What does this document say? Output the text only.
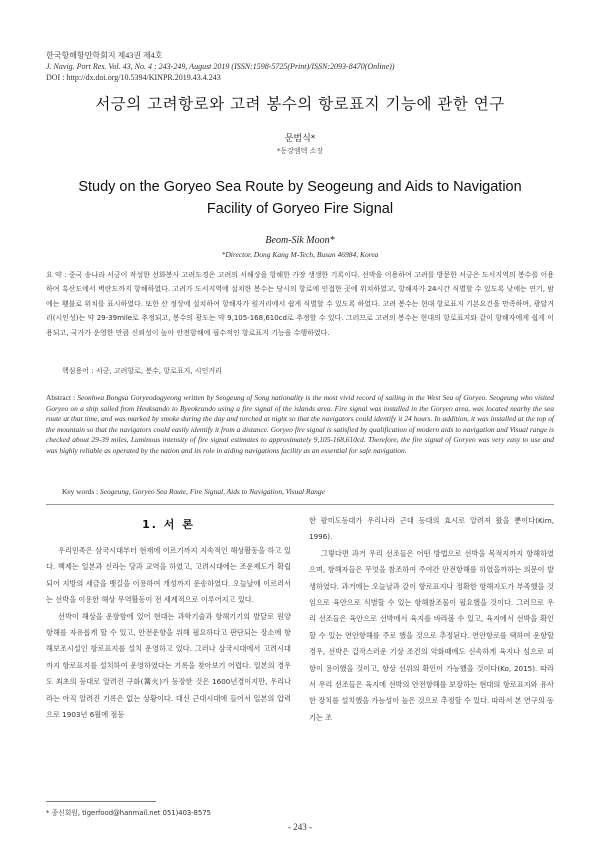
한국항해항만학회지 제43권 제4호
J. Navig. Port Res. Vol. 43, No. 4 : 243-249, August 2019 (ISSN:1598-5725(Print)/ISSN:2093-8470(Online))
DOI : http://dx.doi.org/10.5394/KINPR.2019.43.4.243
서긍의 고려항로와 고려 봉수의 항로표지 기능에 관한 연구
문범식*
*동강엠텍 소장
Study on the Goryeo Sea Route by Seogeung and Aids to Navigation Facility of Goryeo Fire Signal
Beom-Sik Moon*
*Director, Dong Kang M-Tech, Busan 46984, Korea
요 약 : 중국 송나라 서긍이 작성한 선화봉사 고려도경은 고려의 서해상을 항해한 가장 생생한 기록이다. 선박을 이용하여 고려를 방문한 서긍은 도서지역의 봉수를 이용하여 흑산도에서 벽란도까지 항해하였다. 고려가 도서지역에 설치한 봉수는 당시의 항로에 인접한 곳에 위치하였고, 항해자가 24시간 식별할 수 있도록 낮에는 연기, 밤에는 횃불로 위치를 표시하였다. 또한 산 정상에 설치하여 항해자가 원거리에서 쉽게 식별할 수 있도록 하였다. 고려 봉수는 현대 항로표지 기본요건을 만족하며, 광달거리(시인성)는 약 29-39mile로 추정되고, 봉수의 광도는 약 9,105-168,610cd로 추정할 수 있다. 그러므로 고려의 봉수는 현대의 항로표지와 같이 항해자에게 쉽게 이용되고, 국가가 운영한 만큼 신뢰성이 높아 안전항해에 필수적인 항로표지 기능을 수행하였다.
핵심용어 : 서긍, 고려항로, 봉수, 항로표지, 시인거리
Abstract : Seonhwa Bongsa Goryeodogyeong written by Seogeung of Song nationality is the most vivid record of sailing in the West Sea of Goryeo. Seogeung who visited Goryeo on a ship sailed from Heuksando to Byeokrando using a fire signal of the islands area. Fire signal was installed in the Goryeo area, was located nearby the sea route at that time, and was marked by smoke during the day and torched at night so that the navigators could identify it 24 hours. In addition, it was installed at the top of the mountain so that the navigators could easily identify it from a distance. Goryeo fire signal is satisfied by qualification of modern aids to navigation and Visual range is checked about 29-39 miles, Luminous intensity of fire signal estimates to approximately 9,105-168,610cd. Therefore, the fire signal of Goryeo was very easy to use and was highly reliable as operated by the nation and its role in aiding navigations facility as an essential for safe navigation.
Key words : Seogeung, Goryeo Sea Route, Fire Signal, Aids to Navigation, Visual Range
1. 서 론

우리민족은 삼국시대부터 현재에 이르기까지 지속적인 해상활동을 하고 있다. 백제는 일본과 신라는 당과 교역을 하였고, 고려시대에는 조운제도가 확립되어 지방의 세금을 뱃길을 이용하여 개성까지 운송하였다. 오늘날에 이르러서는 선박을 이용한 해상 무역활동이 전 세계적으로 이루어지고 있다.

선박이 해상을 운항함에 있어 현대는 과학기술과 항해기기의 발달로 원양항해를 자유롭게 할 수 있고, 안전운항을 위해 필요하다고 판단되는 장소에 항해보조시설인 항로표지를 설치 운영하고 있다. 그러나 삼국시대에서 고려시대까지 항로표지를 설치하여 운영하였다는 기록을 찾아보기 어렵다. 일본의 경우도 최초의 등대로 알려진 구화(篝火)가 등장한 것은 1600년경이지만, 우리나라는 아직 알려진 기록은 없는 상황이다. 대신 근대시대에 들어서 일본의 압력으로 1903년 6월에 점등

한 팔미도등대가 우리나라 근대 등대의 효시로 알려져 왔을 뿐이다(Kim, 1996).

그렇다면 과거 우리 선조들은 어떤 방법으로 선박을 목적지까지 항해하였으며, 항해자들은 무엇을 참조하여 주야간 안전항해를 하였을까하는 의문이 발생하였다. 과거에는 오늘날과 같이 항로표지나 정확한 항해지도가 부족했을 것임으로 육안으로 식별할 수 있는 항해참조물이 필요했을 것이다. 그러므로 우리 선조들은 육안으로 선박에서 육지를 바라볼 수 있고, 육지에서 선박을 확인할 수 있는 연안항해를 주로 했을 것으로 추정된다. 연안항로를 택하여 운항할 경우, 선박은 갑작스러운 기상 조건의 악화때에도 신속하게 육지나 섬으로 피항이 용이했을 것이고, 항상 선위의 확인이 가능했을 것이다(Ko, 2015). 따라서 우리 선조들은 육지에 선박의 안전항해를 보장하는 현대의 항로표지와 유사한 장치를 설치했을 가능성이 높은 것으로 추정할 수 있다. 따라서 본 연구의 동기는 조

* 종신회원, tigerfood@hanmail.net 051)403-8575
- 243 -
